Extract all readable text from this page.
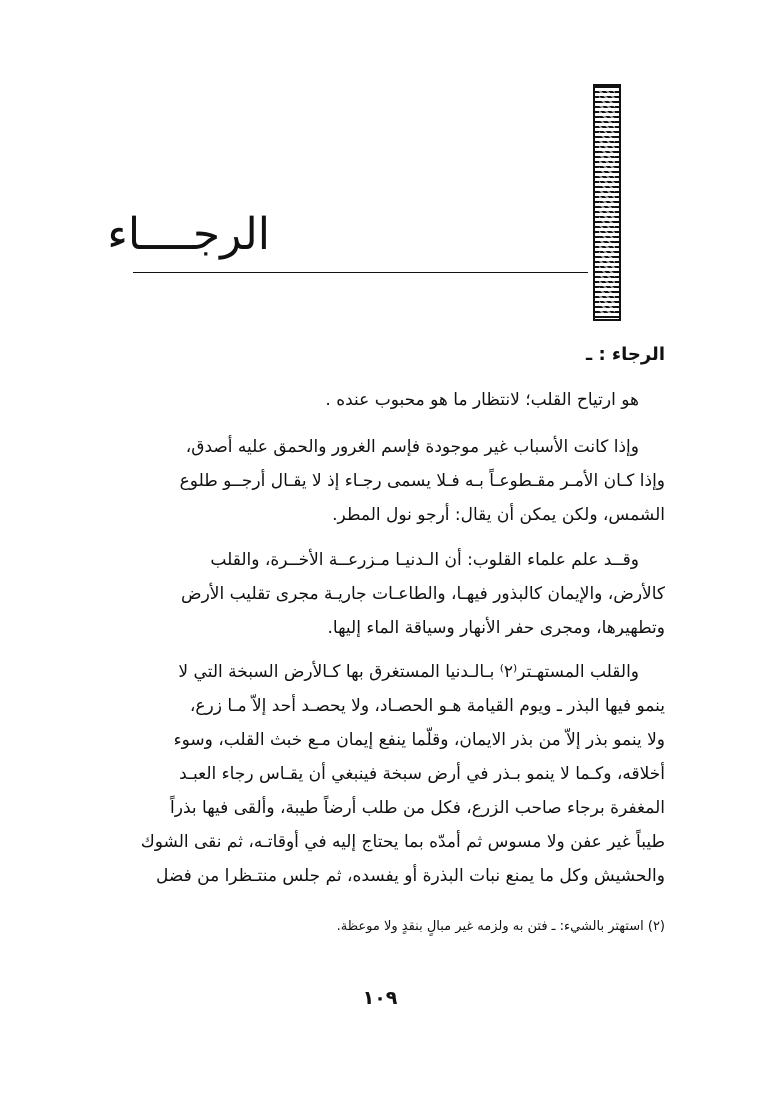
الرجــــاء
الرجاء : ـ
هو ارتياح القلب؛ لانتظار ما هو محبوب عنده .
وإذا كانت الأسباب غير موجودة فإسم الغرور والحمق عليه أصدق،
وإذا كـان الأمـر مقـطوعـاً بـه فـلا يسمى رجـاء إذ لا يقـال أرجــو طلوع
الشمس، ولكن يمكن أن يقال: أرجو نول المطر.
وقــد علم علماء القلوب: أن الـدنيـا مـزرعــة الأخــرة، والقلب
كالأرض، والإيمان كالبذور فيهـا، والطاعـات جاريـة مجرى تقليب الأرض
وتطهيرها، ومجرى حفر الأنهار وسياقة الماء إليها.
والقلب المستهـتر⁽٢⁾ بـالـدنيا المستغرق بها كـالأرض السبخة التي لا
ينمو فيها البذر ـ ويوم القيامة هـو الحصـاد، ولا يحصـد أحد إلاّ مـا زرع،
ولا ينمو بذر إلاّ من بذر الايمان، وقلّما ينفع إيمان مـع خبث القلب، وسوء
أخلاقه، وكـما لا ينمو بـذر في أرض سبخة فينبغي أن يقـاس رجاء العبـد
المغفرة برجاء صاحب الزرع، فكل من طلب أرضاً طيبة، وألقى فيها بذراً
طيباً غير عفن ولا مسوس ثم أمدّه بما يحتاج إليه في أوقاتـه، ثم نقى الشوك
والحشيش وكل ما يمنع نبات البذرة أو يفسده، ثم جلس منتـظرا من فضل
(٢) استهتر بالشيء: ـ فتن به ولزمه غير مبالٍ بنقدٍ ولا موعظة.
١٠٩
